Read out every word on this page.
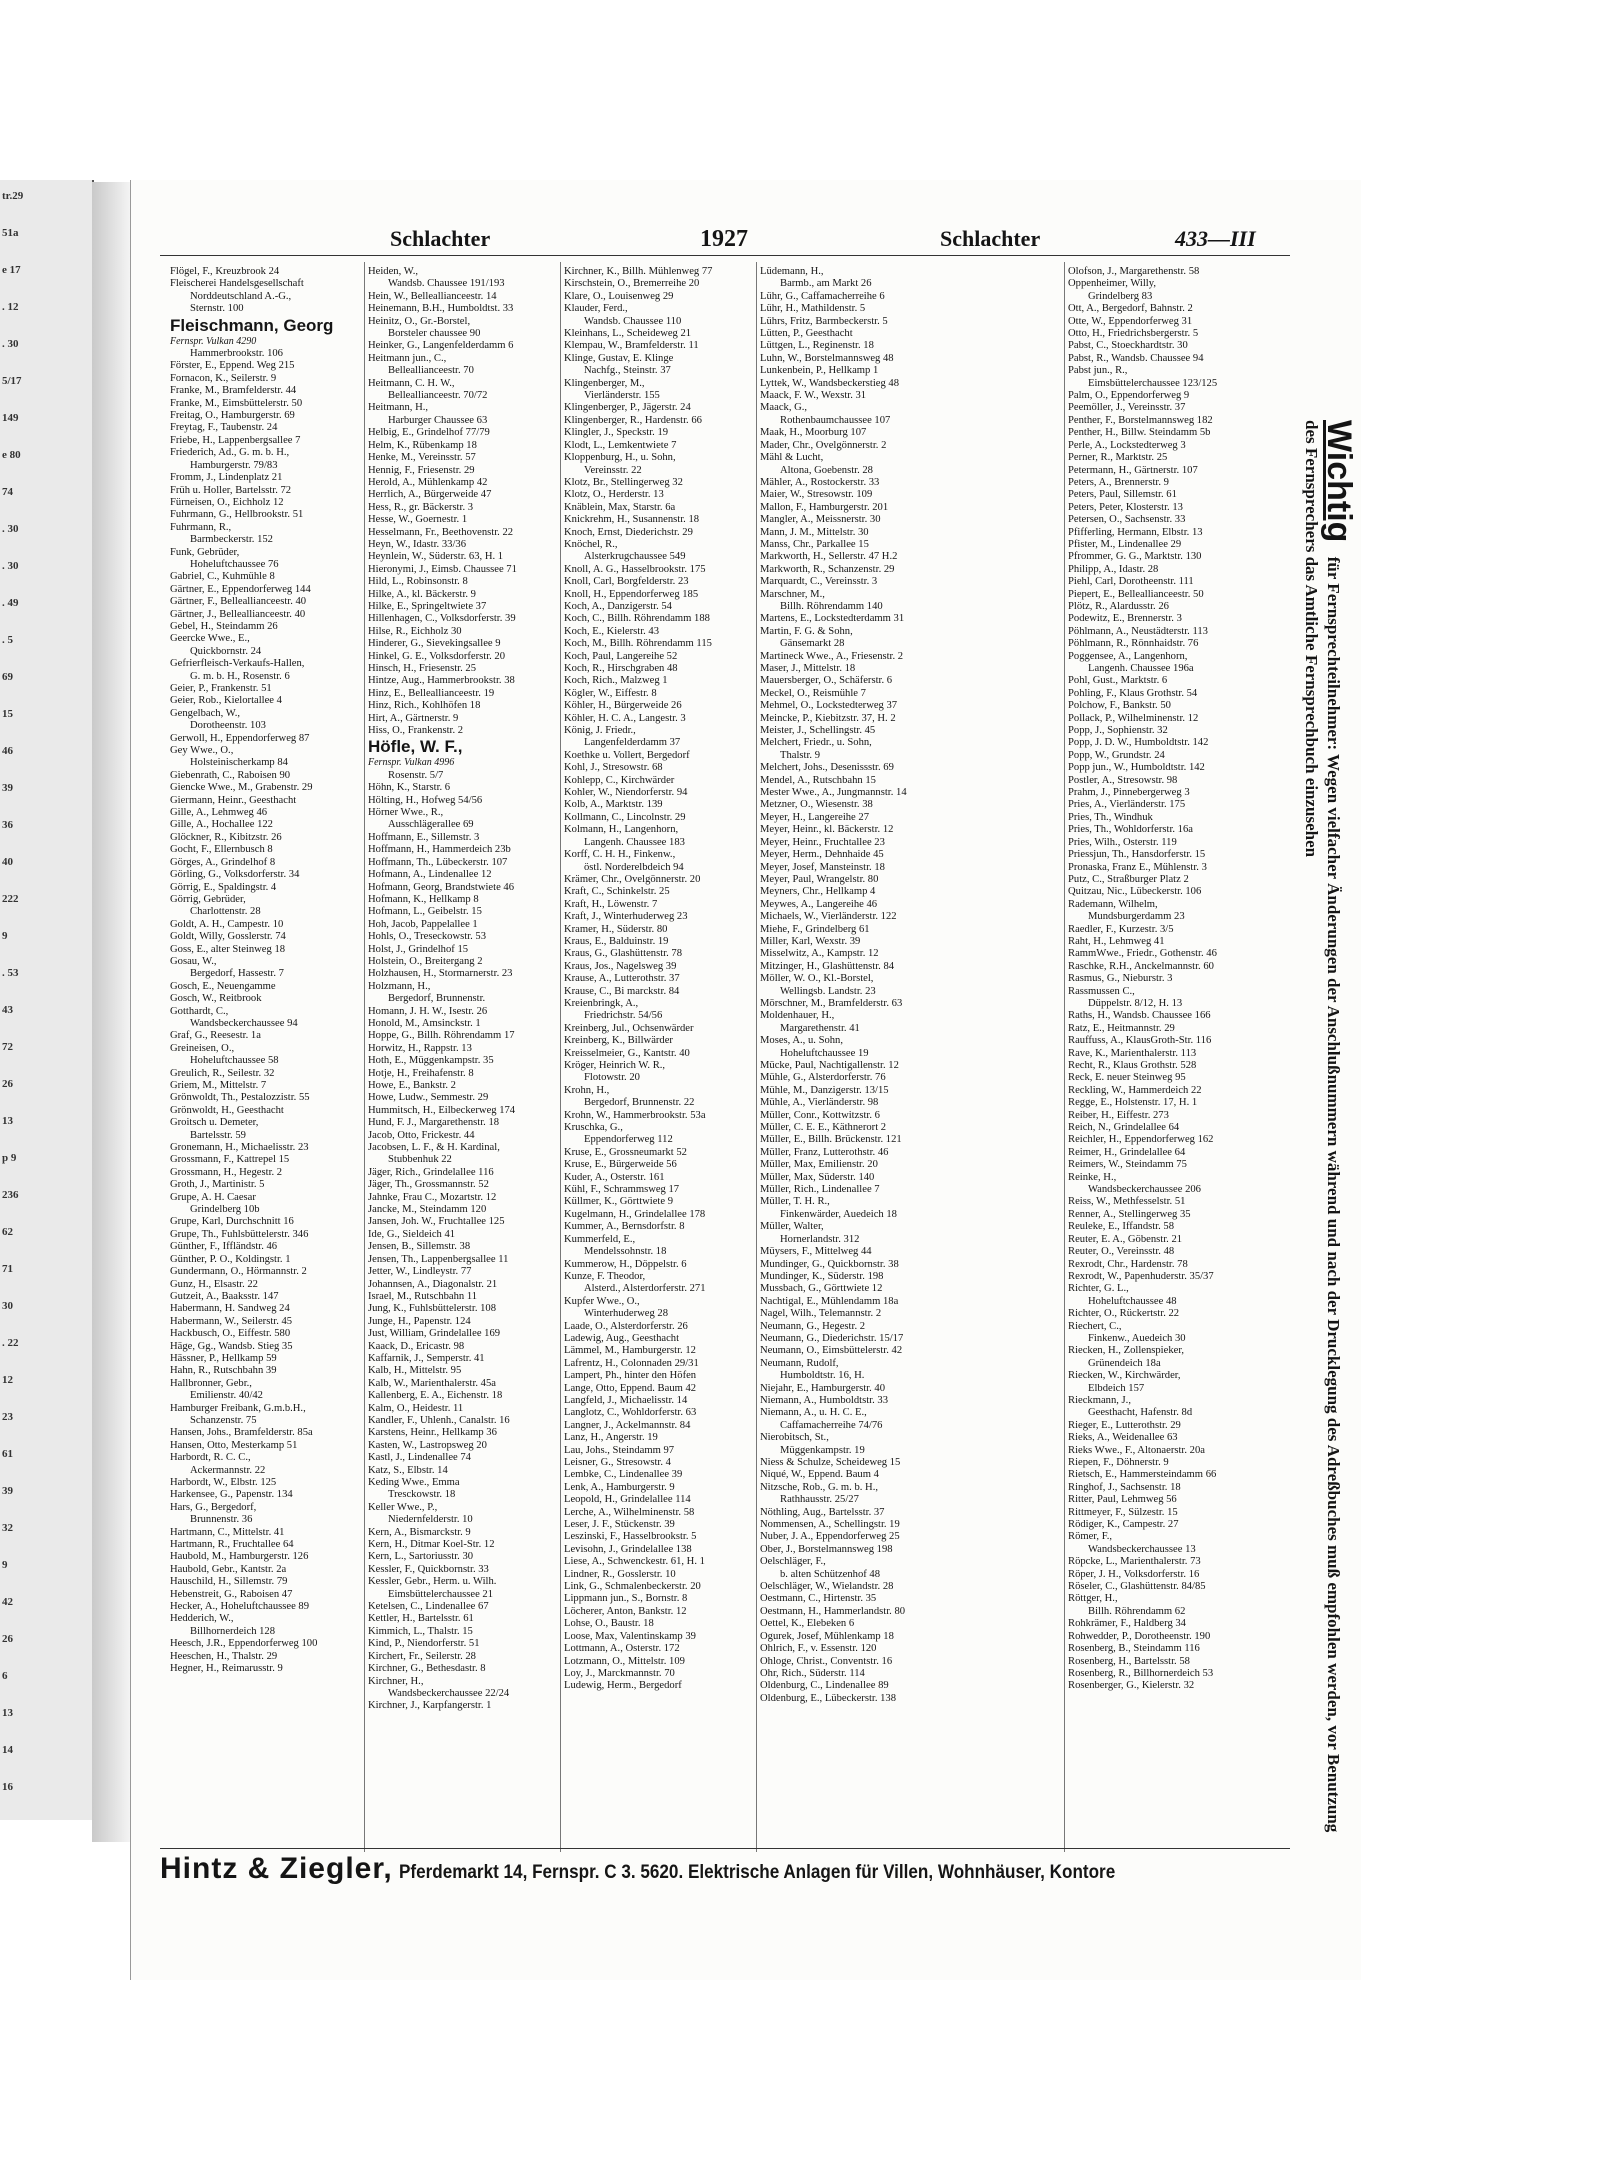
tr.29
51a
e 17
. 12
. 30
5/17
149
e 80
74
. 30
. 30
. 49
. 5
69
15
46
39
36
40
222
9
. 53
43
72
26
13
p 9
236
62
71
30
. 22
12
23
61
39
32
9
42
26
6
13
14
16
Schlachter	1927	Schlachter	433—III
Flögel, F., Kreuzbrook 24
Fleischerei Handelsgesellschaft
Norddeutschland A.-G.,
Sternstr. 100
Fleischmann, Georg
Fernspr. Vulkan 4290
Hammerbrookstr. 106
Förster, E., Eppend. Weg 215
Fornacon, K., Seilerstr. 9
Franke, M., Bramfelderstr. 44
Franke, M., Eimsbüttelerstr. 50
Freitag, O., Hamburgerstr. 69
Freytag, F., Taubenstr. 24
Friebe, H., Lappenbergsallee 7
Friederich, Ad., G. m. b. H.,
Hamburgerstr. 79/83
Fromm, J., Lindenplatz 21
Früh u. Holler, Bartelsstr. 72
Fürneisen, O., Eichholz 12
Fuhrmann, G., Hellbrookstr. 51
Fuhrmann, R.,
Barmbeckerstr. 152
Funk, Gebrüder,
Hoheluftchaussee 76
Gabriel, C., Kuhmühle 8
Gärtner, E., Eppendorferweg 144
Gärtner, F., Belleallianceestr. 40
Gärtner, J., Belleallianceestr. 40
Gebel, H., Steindamm 26
Geercke Wwe., E.,
Quickbornstr. 24
Gefrierfleisch-Verkaufs-Hallen,
G. m. b. H., Rosenstr. 6
Geier, P., Frankenstr. 51
Geier, Rob., Kielortallee 4
Gengelbach, W.,
Dorotheenstr. 103
Gerwoll, H., Eppendorferweg 87
Gey Wwe., O.,
Holsteinischerkamp 84
Giebenrath, C., Raboisen 90
Giencke Wwe., M., Grabenstr. 29
Giermann, Heinr., Geesthacht
Gille, A., Lehmweg 46
Gille, A., Hochallee 122
Glöckner, R., Kibitzstr. 26
Gocht, F., Ellernbusch 8
Görges, A., Grindelhof 8
Görling, G., Volksdorferstr. 34
Görrig, E., Spaldingstr. 4
Görrig, Gebrüder,
Charlottenstr. 28
Goldt, A. H., Campestr. 10
Goldt, Willy, Gosslerstr. 74
Goss, E., alter Steinweg 18
Gosau, W.,
Bergedorf, Hassestr. 7
Gosch, E., Neuengamme
Gosch, W., Reitbrook
Gotthardt, C.,
Wandsbeckerchaussee 94
Graf, G., Reesestr. 1a
Greineisen, O.,
Hoheluftchaussee 58
Greulich, R., Seilestr. 32
Griem, M., Mittelstr. 7
Grönwoldt, Th., Pestalozzistr. 55
Grönwoldt, H., Geesthacht
Groitsch u. Demeter,
Bartelsstr. 59
Gronemann, H., Michaelisstr. 23
Grossmann, F., Kattrepel 15
Grossmann, H., Hegestr. 2
Groth, J., Martinistr. 5
Grupe, A. H. Caesar
Grindelberg 10b
Grupe, Karl, Durchschnitt 16
Grupe, Th., Fuhlsbüttelerstr. 346
Günther, F., Iffländstr. 46
Günther, P. O., Koldingstr. 1
Gundermann, O., Hörmannstr. 2
Gunz, H., Elsastr. 22
Gutzeit, A., Baaksstr. 147
Habermann, H. Sandweg 24
Habermann, W., Seilerstr. 45
Hackbusch, O., Eiffestr. 580
Häge, Gg., Wandsb. Stieg 35
Hässner, P., Hellkamp 59
Hahn, R., Rutschbahn 39
Hallbronner, Gebr.,
Emilienstr. 40/42
Hamburger Freibank, G.m.b.H.,
Schanzenstr. 75
Hansen, Johs., Bramfelderstr. 85a
Hansen, Otto, Mesterkamp 51
Harbordt, R. C. C.,
Ackermannstr. 22
Harbordt, W., Elbstr. 125
Harkensee, G., Papenstr. 134
Hars, G., Bergedorf,
Brunnenstr. 36
Hartmann, C., Mittelstr. 41
Hartmann, R., Fruchtallee 64
Haubold, M., Hamburgerstr. 126
Haubold, Gebr., Kantstr. 2a
Hauschild, H., Sillemstr. 79
Hebenstreit, G., Raboisen 47
Hecker, A., Hoheluftchaussee 89
Hedderich, W.,
Billhornerdeich 128
Heesch, J.R., Eppendorferweg 100
Heeschen, H., Thalstr. 29
Hegner, H., Reimarusstr. 9
Heiden, W.,
Wandsb. Chaussee 191/193
Hein, W., Belleallianceestr. 14
Heinemann, B.H., Humboldtst. 33
Heinitz, O., Gr.-Borstel,
Borsteler chaussee 90
Heinker, G., Langenfelderdamm 6
Heitmann jun., C.,
Belleallianceestr. 70
Heitmann, C. H. W.,
Belleallianceestr. 70/72
Heitmann, H.,
Harburger Chaussee 63
Helbig, E., Grindelhof 77/79
Helm, K., Rübenkamp 18
Henke, M., Vereinsstr. 57
Hennig, F., Friesenstr. 29
Herold, A., Mühlenkamp 42
Herrlich, A., Bürgerweide 47
Hess, R., gr. Bäckerstr. 3
Hesse, W., Goernestr. 1
Hesselmann, Fr., Beethovenstr. 22
Heyn, W., Idastr. 33/36
Heynlein, W., Süderstr. 63, H. 1
Hieronymi, J., Eimsb. Chaussee 71
Hild, L., Robinsonstr. 8
Hilke, A., kl. Bäckerstr. 9
Hilke, E., Springeltwiete 37
Hillenhagen, C., Volksdorferstr. 39
Hilse, R., Eichholz 30
Hinderer, G., Sievekingsallee 9
Hinkel, G. E., Volksdorferstr. 20
Hinsch, H., Friesenstr. 25
Hintze, Aug., Hammerbrookstr. 38
Hinz, E., Belleallianceestr. 19
Hinz, Rich., Kohlhöfen 18
Hirt, A., Gärtnerstr. 9
Hiss, O., Frankenstr. 2
Höfle, W. F.,
Fernspr. Vulkan 4996
Rosenstr. 5/7
Höhn, K., Starstr. 6
Hölting, H., Hofweg 54/56
Hörner Wwe., R.,
Ausschlägerallee 69
Hoffmann, E., Sillemstr. 3
Hoffmann, H., Hammerdeich 23b
Hoffmann, Th., Lübeckerstr. 107
Hofmann, A., Lindenallee 12
Hofmann, Georg, Brandstwiete 46
Hofmann, K., Hellkamp 8
Hofmann, L., Geibelstr. 15
Hoh, Jacob, Pappelallee 1
Hohls, O., Treseckowstr. 53
Holst, J., Grindelhof 15
Holstein, O., Breitergang 2
Holzhausen, H., Stormarnerstr. 23
Holzmann, H.,
Bergedorf, Brunnenstr.
Homann, J. H. W., Isestr. 26
Honold, M., Amsinckstr. 1
Hoppe, G., Billh. Röhrendamm 17
Horwitz, H., Rappstr. 13
Hoth, E., Müggenkampstr. 35
Hotje, H., Freihafenstr. 8
Howe, E., Bankstr. 2
Howe, Ludw., Semmestr. 29
Hummitsch, H., Eilbeckerweg 174
Hund, F. J., Margarethenstr. 18
Jacob, Otto, Frickestr. 44
Jacobsen, L. F., & H. Kardinal,
Stubbenhuk 22
Jäger, Rich., Grindelallee 116
Jäger, Th., Grossmannstr. 52
Jahnke, Frau C., Mozartstr. 12
Jancke, M., Steindamm 120
Jansen, Joh. W., Fruchtallee 125
Ide, G., Sieldeich 41
Jensen, B., Sillemstr. 38
Jensen, Th., Lappenbergsallee 11
Jetter, W., Lindleystr. 77
Johannsen, A., Diagonalstr. 21
Israel, M., Rutschbahn 11
Jung, K., Fuhlsbüttelerstr. 108
Junge, H., Papenstr. 124
Just, William, Grindelallee 169
Kaack, D., Ericastr. 98
Kaffarnik, J., Semperstr. 41
Kalb, H., Mittelstr. 95
Kalb, W., Marienthalerstr. 45a
Kallenberg, E. A., Eichenstr. 18
Kalm, O., Heidestr. 11
Kandler, F., Uhlenh., Canalstr. 16
Karstens, Heinr., Hellkamp 36
Kasten, W., Lastropsweg 20
Kastl, J., Lindenallee 74
Katz, S., Elbstr. 14
Keding Wwe., Emma
Tresckowstr. 18
Keller Wwe., P.,
Niedernfelderstr. 10
Kern, A., Bismarckstr. 9
Kern, H., Ditmar Koel-Str. 12
Kern, L., Sartoriusstr. 30
Kessler, F., Quickbornstr. 33
Kessler, Gebr., Herm. u. Wilh.
Eimsbüttelerchaussee 21
Ketelsen, C., Lindenallee 67
Kettler, H., Bartelsstr. 61
Kimmich, L., Thalstr. 15
Kind, P., Niendorferstr. 51
Kirchert, Fr., Seilerstr. 28
Kirchner, G., Bethesdastr. 8
Kirchner, H.,
Wandsbeckerchaussee 22/24
Kirchner, J., Karpfangerstr. 1
Kirchner, K., Billh. Mühlenweg 77
Kirschstein, O., Bremerreihe 20
Klare, O., Louisenweg 29
Klauder, Ferd.,
Wandsb. Chaussee 110
Kleinhans, L., Scheideweg 21
Klempau, W., Bramfelderstr. 11
Klinge, Gustav, E. Klinge
Nachfg., Steinstr. 37
Klingenberger, M.,
Vierländerstr. 155
Klingenberger, P., Jägerstr. 24
Klingenberger, R., Hardenstr. 66
Klingler, J., Speckstr. 19
Klodt, L., Lemkentwiete 7
Kloppenburg, H., u. Sohn,
Vereinsstr. 22
Klotz, Br., Stellingerweg 32
Klotz, O., Herderstr. 13
Knäblein, Max, Starstr. 6a
Knickrehm, H., Susannenstr. 18
Knoch, Ernst, Diederichstr. 29
Knöchel, R.,
Alsterkrugchaussee 549
Knoll, A. G., Hasselbrookstr. 175
Knoll, Carl, Borgfelderstr. 23
Knoll, H., Eppendorferweg 185
Koch, A., Danzigerstr. 54
Koch, C., Billh. Röhrendamm 188
Koch, E., Kielerstr. 43
Koch, M., Billh. Röhrendamm 115
Koch, Paul, Langereihe 52
Koch, R., Hirschgraben 48
Koch, Rich., Malzweg 1
Kögler, W., Eiffestr. 8
Köhler, H., Bürgerweide 26
Köhler, H. C. A., Langestr. 3
König, J. Friedr.,
Langenfelderdamm 37
Koethke u. Vollert, Bergedorf
Kohl, J., Stresowstr. 68
Kohlepp, C., Kirchwärder
Kohler, W., Niendorferstr. 94
Kolb, A., Marktstr. 139
Kollmann, C., Lincolnstr. 29
Kolmann, H., Langenhorn,
Langenh. Chaussee 183
Korff, C. H. H., Finkenw.,
östl. Norderelbdeich 94
Krämer, Chr., Ovelgönnerstr. 20
Kraft, C., Schinkelstr. 25
Kraft, H., Löwenstr. 7
Kraft, J., Winterhuderweg 23
Kramer, H., Süderstr. 80
Kraus, E., Balduinstr. 19
Kraus, G., Glashüttenstr. 78
Kraus, Jos., Nagelsweg 39
Krause, A., Lutterothstr. 37
Krause, C., Bi marckstr. 84
Kreienbringk, A.,
Friedrichstr. 54/56
Kreinberg, Jul., Ochsenwärder
Kreinberg, K., Billwärder
Kreisselmeier, G., Kantstr. 40
Kröger, Heinrich W. R.,
Flotowstr. 20
Krohn, H.,
Bergedorf, Brunnenstr. 22
Krohn, W., Hammerbrookstr. 53a
Kruschka, G.,
Eppendorferweg 112
Kruse, E., Grossneumarkt 52
Kruse, E., Bürgerweide 56
Kuder, A., Osterstr. 161
Kühl, F., Schrammsweg 17
Küllmer, K., Görttwiete 9
Kugelmann, H., Grindelallee 178
Kummer, A., Bernsdorfstr. 8
Kummerfeld, E.,
Mendelssohnstr. 18
Kummerow, H., Döppelstr. 6
Kunze, F. Theodor,
Alsterd., Alsterdorferstr. 271
Kupfer Wwe., O.,
Winterhuderweg 28
Laade, O., Alsterdorferstr. 26
Ladewig, Aug., Geesthacht
Lämmel, M., Hamburgerstr. 12
Lafrentz, H., Colonnaden 29/31
Lampert, Ph., hinter den Höfen
Lange, Otto, Eppend. Baum 42
Langfeld, J., Michaelisstr. 14
Langlotz, C., Wohldorferstr. 63
Langner, J., Ackelmannstr. 84
Lanz, H., Angerstr. 19
Lau, Johs., Steindamm 97
Leisner, G., Stresowstr. 4
Lembke, C., Lindenallee 39
Lenk, A., Hamburgerstr. 9
Leopold, H., Grindelallee 114
Lerche, A., Wilhelminenstr. 58
Leser, J. F., Stückenstr. 39
Leszinski, F., Hasselbrookstr. 5
Levisohn, J., Grindelallee 138
Liese, A., Schwenckestr. 61, H. 1
Lindner, R., Gosslerstr. 10
Link, G., Schmalenbeckerstr. 20
Lippmann jun., S., Bornstr. 8
Löcherer, Anton, Bankstr. 12
Lohse, O., Baustr. 18
Loose, Max, Valentinskamp 39
Lottmann, A., Osterstr. 172
Lotzmann, O., Mittelstr. 109
Loy, J., Marckmannstr. 70
Ludewig, Herm., Bergedorf
Lüdemann, H.,
Barmb., am Markt 26
Lühr, G., Caffamacherreihe 6
Lühr, H., Mathildenstr. 5
Lührs, Fritz, Barmbeckerstr. 5
Lütten, P., Geesthacht
Lüttgen, L., Reginenstr. 18
Luhn, W., Borstelmannsweg 48
Lunkenbein, P., Hellkamp 1
Lyttek, W., Wandsbeckerstieg 48
Maack, F. W., Wexstr. 31
Maack, G.,
Rothenbaumchaussee 107
Maak, H., Moorburg 107
Mader, Chr., Ovelgönnerstr. 2
Mähl & Lucht,
Altona, Goebenstr. 28
Mähler, A., Rostockerstr. 33
Maier, W., Stresowstr. 109
Mallon, F., Hamburgerstr. 201
Mangler, A., Meissnerstr. 30
Mann, J. M., Mittelstr. 30
Manss, Chr., Parkallee 15
Markworth, H., Sellerstr. 47 H.2
Markworth, R., Schanzenstr. 29
Marquardt, C., Vereinsstr. 3
Marschner, M.,
Billh. Röhrendamm 140
Martens, E., Lockstedterdamm 31
Martin, F. G. & Sohn,
Gänsemarkt 28
Martineck Wwe., A., Friesenstr. 2
Maser, J., Mittelstr. 18
Mauersberger, O., Schäferstr. 6
Meckel, O., Reismühle 7
Mehmel, O., Lockstedterweg 37
Meincke, P., Kiebitzstr. 37, H. 2
Meister, J., Schellingstr. 45
Melchert, Friedr., u. Sohn,
Thalstr. 9
Melchert, Johs., Desenissstr. 69
Mendel, A., Rutschbahn 15
Mester Wwe., A., Jungmannstr. 14
Metzner, O., Wiesenstr. 38
Meyer, H., Langereihe 27
Meyer, Heinr., kl. Bäckerstr. 12
Meyer, Heinr., Fruchtallee 23
Meyer, Herm., Dehnhaide 45
Meyer, Josef, Mansteinstr. 18
Meyer, Paul, Wrangelstr. 80
Meyners, Chr., Hellkamp 4
Meywes, A., Langereihe 46
Michaels, W., Vierländerstr. 122
Miehe, F., Grindelberg 61
Miller, Karl, Wexstr. 39
Misselwitz, A., Kampstr. 12
Mitzinger, H., Glashüttenstr. 84
Möller, W. O., Kl.-Borstel,
Wellingsb. Landstr. 23
Mörschner, M., Bramfelderstr. 63
Moldenhauer, H.,
Margarethenstr. 41
Moses, A., u. Sohn,
Hoheluftchaussee 19
Mücke, Paul, Nachtigallenstr. 12
Mühle, G., Alsterdorferstr. 76
Mühle, M., Danzigerstr. 13/15
Mühle, A., Vierländerstr. 98
Müller, Conr., Kottwitzstr. 6
Müller, C. E. E., Käthnerort 2
Müller, E., Billh. Brückenstr. 121
Müller, Franz, Lutterothstr. 46
Müller, Max, Emilienstr. 20
Müller, Max, Süderstr. 140
Müller, Rich., Lindenallee 7
Müller, T. H. R.,
Finkenwärder, Auedeich 18
Müller, Walter,
Hornerlandstr. 312
Müysers, F., Mittelweg 44
Mundinger, G., Quickbornstr. 38
Mundinger, K., Süderstr. 198
Mussbach, G., Görttwiete 12
Nachtigal, E., Mühlendamm 18a
Nagel, Wilh., Telemannstr. 2
Neumann, G., Hegestr. 2
Neumann, G., Diederichstr. 15/17
Neumann, O., Eimsbüttelerstr. 42
Neumann, Rudolf,
Humboldtstr. 16, H.
Niejahr, E., Hamburgerstr. 40
Niemann, A., Humboldtstr. 33
Niemann, A., u. H. C. E.,
Caffamacherreihe 74/76
Nierobitsch, St.,
Müggenkampstr. 19
Niess & Schulze, Scheideweg 15
Niqué, W., Eppend. Baum 4
Nitzsche, Rob., G. m. b. H.,
Rathhausstr. 25/27
Nöthling, Aug., Bartelsstr. 37
Nommensen, A., Schellingstr. 19
Nuber, J. A., Eppendorferweg 25
Ober, J., Borstelmannsweg 198
Oelschläger, F.,
b. alten Schützenhof 48
Oelschläger, W., Wielandstr. 28
Oestmann, C., Hirtenstr. 35
Oestmann, H., Hammerlandstr. 80
Oettel, K., Elebeken 6
Ogurek, Josef, Mühlenkamp 18
Ohlrich, F., v. Essenstr. 120
Ohloge, Christ., Conventstr. 16
Ohr, Rich., Süderstr. 114
Oldenburg, C., Lindenallee 89
Oldenburg, E., Lübeckerstr. 138
Olofson, J., Margarethenstr. 58
Oppenheimer, Willy,
Grindelberg 83
Ott, A., Bergedorf, Bahnstr. 2
Otte, W., Eppendorferweg 31
Otto, H., Friedrichsbergerstr. 5
Pabst, C., Stoeckhardtstr. 30
Pabst, R., Wandsb. Chaussee 94
Pabst jun., R.,
Eimsbüttelerchaussee 123/125
Palm, O., Eppendorferweg 9
Peemöller, J., Vereinsstr. 37
Penther, F., Borstelmannsweg 182
Penther, H., Billw. Steindamm 5b
Perle, A., Lockstedterweg 3
Perner, R., Marktstr. 25
Petermann, H., Gärtnerstr. 107
Peters, A., Brennerstr. 9
Peters, Paul, Sillemstr. 61
Peters, Peter, Klosterstr. 13
Petersen, O., Sachsenstr. 33
Pfifferling, Hermann, Elbstr. 13
Pfister, M., Lindenallee 29
Pfrommer, G. G., Marktstr. 130
Philipp, A., Idastr. 28
Piehl, Carl, Dorotheenstr. 111
Piepert, E., Belleallianceestr. 50
Plötz, R., Alardusstr. 26
Podewitz, E., Brennerstr. 3
Pöhlmann, A., Neustädterstr. 113
Pöhlmann, R., Rönnhaidstr. 76
Poggensee, A., Langenhorn,
Langenh. Chaussee 196a
Pohl, Gust., Marktstr. 6
Pohling, F., Klaus Grothstr. 54
Polchow, F., Bankstr. 50
Pollack, P., Wilhelminenstr. 12
Popp, J., Sophienstr. 32
Popp, J. D. W., Humboldtstr. 142
Popp, W., Grundstr. 24
Popp jun., W., Humboldtstr. 142
Postler, A., Stresowstr. 98
Prahm, J., Pinnebergerweg 3
Pries, A., Vierländerstr. 175
Pries, Th., Windhuk
Pries, Th., Wohldorferstr. 16a
Pries, Wilh., Osterstr. 119
Priessjun, Th., Hansdorferstr. 15
Pronaska, Franz E., Mühlenstr. 3
Putz, C., Straßburger Platz 2
Quitzau, Nic., Lübeckerstr. 106
Rademann, Wilhelm,
Mundsburgerdamm 23
Raedler, F., Kurzestr. 3/5
Raht, H., Lehmweg 41
RammWwe., Friedr., Gothenstr. 46
Raschke, R.H., Anckelmannstr. 60
Rasmus, G., Nieburstr. 3
Rassmussen C.,
Düppelstr. 8/12, H. 13
Raths, H., Wandsb. Chaussee 166
Ratz, E., Heitmannstr. 29
Rauffuss, A., KlausGroth-Str. 116
Rave, K., Marienthalerstr. 113
Recht, R., Klaus Grothstr. 528
Reck, E. neuer Steinweg 95
Reckling, W., Hammerdeich 22
Regge, E., Holstenstr. 17, H. 1
Reiber, H., Eiffestr. 273
Reich, N., Grindelallee 64
Reichler, H., Eppendorferweg 162
Reimer, H., Grindelallee 64
Reimers, W., Steindamm 75
Reinke, H.,
Wandsbeckerchaussee 206
Reiss, W., Methfesselstr. 51
Renner, A., Stellingerweg 35
Reuleke, E., Iffandstr. 58
Reuter, E. A., Göbenstr. 21
Reuter, O., Vereinsstr. 48
Rexrodt, Chr., Hardenstr. 78
Rexrodt, W., Papenhuderstr. 35/37
Richter, G. L.,
Hoheluftchaussee 48
Richter, O., Rückertstr. 22
Riechert, C.,
Finkenw., Auedeich 30
Riecken, H., Zollenspieker,
Grünendeich 18a
Riecken, W., Kirchwärder,
Elbdeich 157
Rieckmann, J.,
Geesthacht, Hafenstr. 8d
Rieger, E., Lutterothstr. 29
Rieks, A., Weidenallee 63
Rieks Wwe., F., Altonaerstr. 20a
Riepen, F., Döhnerstr. 9
Rietsch, E., Hammersteindamm 66
Ringhof, J., Sachsenstr. 18
Ritter, Paul, Lehmweg 56
Rittmeyer, F., Sülzestr. 15
Rödiger, K., Campestr. 27
Römer, F.,
Wandsbeckerchaussee 13
Röpcke, L., Marienthalerstr. 73
Röper, J. H., Volksdorferstr. 16
Röseler, C., Glashüttenstr. 84/85
Röttger, H.,
Billh. Röhrendamm 62
Rohkrämer, F., Haldberg 34
Rohwedder, P., Dorotheenstr. 190
Rosenberg, B., Steindamm 116
Rosenberg, H., Bartelsstr. 58
Rosenberg, R., Billhornerdeich 53
Rosenberger, G., Kielerstr. 32
Wichtig für Fernsprechteilnehmer: Wegen vielfacher Änderungen der Anschlußnummern während und nach der Drucklegung des Adreßbuches muß empfohlen werden, vor Benutzung des Fernsprechers das Amtliche Fernsprechbuch einzusehen
Hintz & Ziegler, Pferdemarkt 14, Fernspr. C 3. 5620. Elektrische Anlagen für Villen, Wohnhäuser, Kontore
